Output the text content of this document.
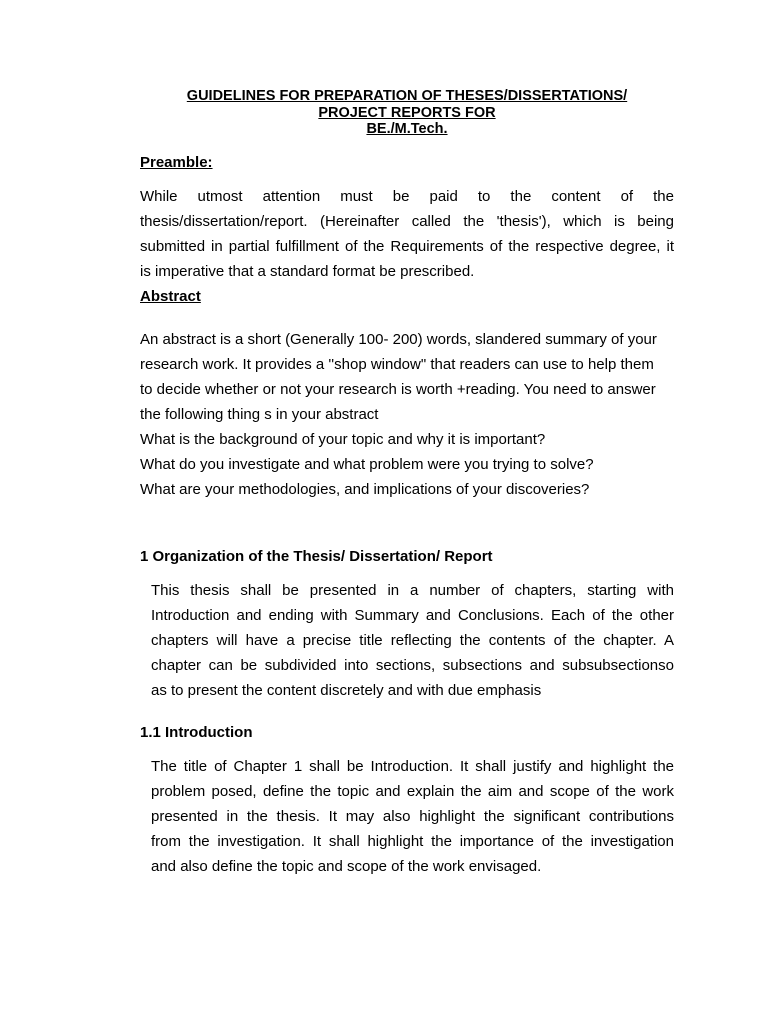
GUIDELINES FOR PREPARATION OF THESES/DISSERTATIONS/
PROJECT REPORTS FOR
BE./M.Tech.
Preamble:
While utmost attention must be paid to the content of the
thesis/dissertation/report. (Hereinafter called the 'thesis'), which is being
submitted in partial fulfillment of the Requirements of the respective degree, it
is imperative that a standard format be prescribed.
Abstract
An abstract is a short (Generally 100- 200) words, slandered summary of your
research work. It provides a ''shop window" that readers can use to help them
to decide whether or not your research is worth +reading. You need to answer
the following thing s in your abstract
What is the background of your topic and why it is important?
What do you investigate and what problem were you trying to solve?
What are your methodologies, and implications of your discoveries?
1 Organization of the Thesis/ Dissertation/ Report
This thesis shall be presented in a number of chapters, starting with
Introduction and ending with Summary and Conclusions. Each of the other
chapters will have a precise title reflecting the contents of the chapter. A
chapter can be subdivided into sections, subsections and subsubsectionso
as to present the content discretely and with due emphasis
1.1 Introduction
The title of Chapter 1 shall be Introduction. It shall justify and highlight the
problem posed, define the topic and explain the aim and scope of the work
presented in the thesis. It may also highlight the significant contributions
from the investigation. It shall highlight the importance of the investigation
and also define the topic and scope of the work envisaged.
